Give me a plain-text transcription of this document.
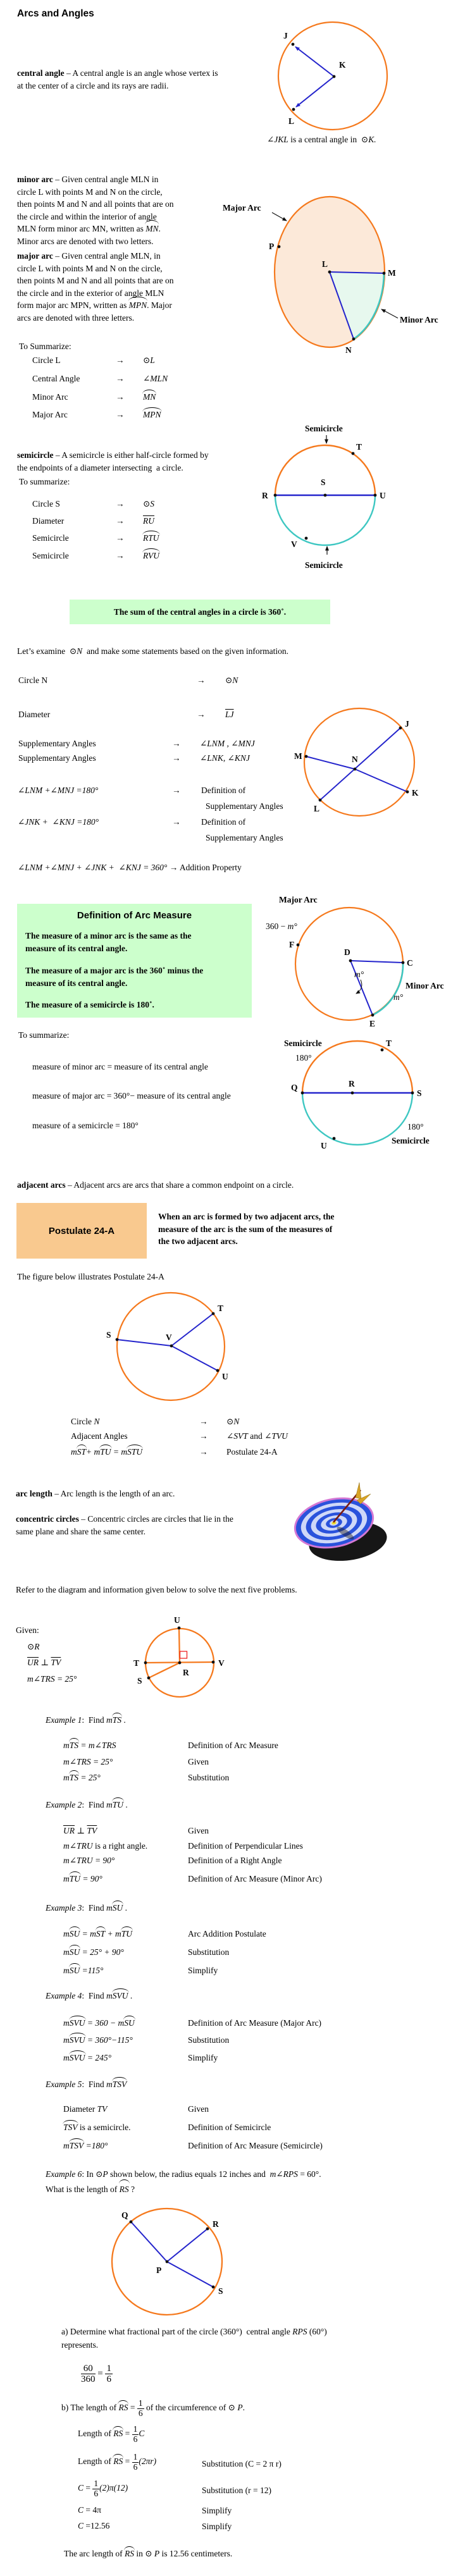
Arcs and Angles
central angle – A central angle is an angle whose vertex is
at the center of a circle and its rays are radii.
J
K
L
∠JKL is a central angle in  ⊙K.
minor arc – Given central angle MLN in
circle L with points M and N on the circle,
then points M and N and all points that are on
the circle and within the interior of angle
MLN form minor arc MN, written as MN.
Minor arcs are denoted with two letters.
major arc – Given central angle MLN, in
circle L with points M and N on the circle,
then points M and N and all points that are on
the circle and in the exterior of angle MLN
form major arc MPN, written as MPN. Major
arcs are denoted with three letters.
Major Arc
P
L
M
N
Minor Arc
To Summarize:
Circle L	→ ⊙L
Central Angle	→ ∠MLN
Minor Arc	→ MN
Major Arc	→ MPN
semicircle – A semicircle is either half-circle formed by
the endpoints of a diameter intersecting  a circle.
To summarize:
Circle S	→ ⊙S
Diameter	→ $\overline{RU}$
Semicircle	→ RTU
Semicircle	→ RVU
R
S
U
T
V
Semicircle
Semicircle
The sum of the central angles in a circle is 360˚.
Let’s examine  ⊙N  and make some statements based on the given information.
Circle N	→ ⊙N
Diameter	→ $\overline{LJ}$
Supplementary Angles	→ ∠LNM , ∠MNJ
Supplementary Angles	→ ∠LNK, ∠KNJ
∠LNM +∠MNJ =180°	→ Definition of
Supplementary Angles
∠JNK +  ∠KNJ =180°	→ Definition of
Supplementary Angles
∠LNM +∠MNJ + ∠JNK +  ∠KNJ = 360° → Addition Property
M	N
J
K
L
Definition of Arc Measure
The measure of a minor arc is the same as the
measure of its central angle.
The measure of a major arc is the 360˚ minus the
measure of its central angle.
The measure of a semicircle is 180˚.
Major Arc
360 − m°
F
D
C
E
m°
Minor Arc
m°
To summarize:
measure of minor arc = measure of its central angle
measure of major arc = 360°− measure of its central angle
measure of a semicircle = 180°
Semicircle
180°
Q	R
S
T
U
180°
Semicircle
adjacent arcs – Adjacent arcs are arcs that share a common endpoint on a circle.
Postulate 24-A
When an arc is formed by two adjacent arcs, the
measure of the arc is the sum of the measures of
the two adjacent arcs.
The figure below illustrates Postulate 24-A
V
S
T
U
Circle N	→ ⊙N
Adjacent Angles	→ ∠SVT and ∠TVU
mST+ mTU = mSTU	→ Postulate 24-A
arc length – Arc length is the length of an arc.
concentric circles – Concentric circles are circles that lie in the
same plane and share the same center.
Refer to the diagram and information given below to solve the next five problems.
Given:
⊙R
$\overline{UR}$ ⊥ $\overline{TV}$
m∠TRS = 25°
U
T	V
R
S
Example 1:  Find mTS .
mTS = m∠TRS	Definition of Arc Measure
m∠TRS = 25°	Given
mTS = 25°	Substitution
Example 2:  Find mTU .
$\overline{UR}$ ⊥ $\overline{TV}$	Given
m∠TRU is a right angle.	Definition of Perpendicular Lines
m∠TRU = 90°	Definition of a Right Angle
mTU = 90°	Definition of Arc Measure (Minor Arc)
Example 3:  Find mSU .
mSU = mST + mTU	Arc Addition Postulate
mSU = 25° + 90°	Substitution
mSU =115°	Simplify
Example 4:  Find mSVU .
mSVU = 360 − mSU	Definition of Arc Measure (Major Arc)
mSVU = 360°−115°	Substitution
mSVU = 245°	Simplify
Example 5:  Find mTSV
Diameter TV	Given
TSV is a semicircle.	Definition of Semicircle
mTSV =180°	Definition of Arc Measure (Semicircle)
Example 6: In ⊙P shown below, the radius equals 12 inches and  m∠RPS = 60°.
What is the length of RS ?
Q
R
S
P
a) Determine what fractional part of the circle (360°)  central angle RPS (60°)
represents.
$\frac{60}{360} = \frac{1}{6}$
b) The length of RS = $\frac{1}{6}$ of the circumference of ⊙ P.
Length of RS = $\frac{1}{6}$ C
Length of RS = $\frac{1}{6} (2\pi r)$	Substitution (C = 2 π r)
$C = \frac{1}{6} (2)\pi(12)$	Substitution (r = 12)
C = 4π	Simplify
C =12.56	Simplify
The arc length of RS in ⊙ P is 12.56 centimeters.
